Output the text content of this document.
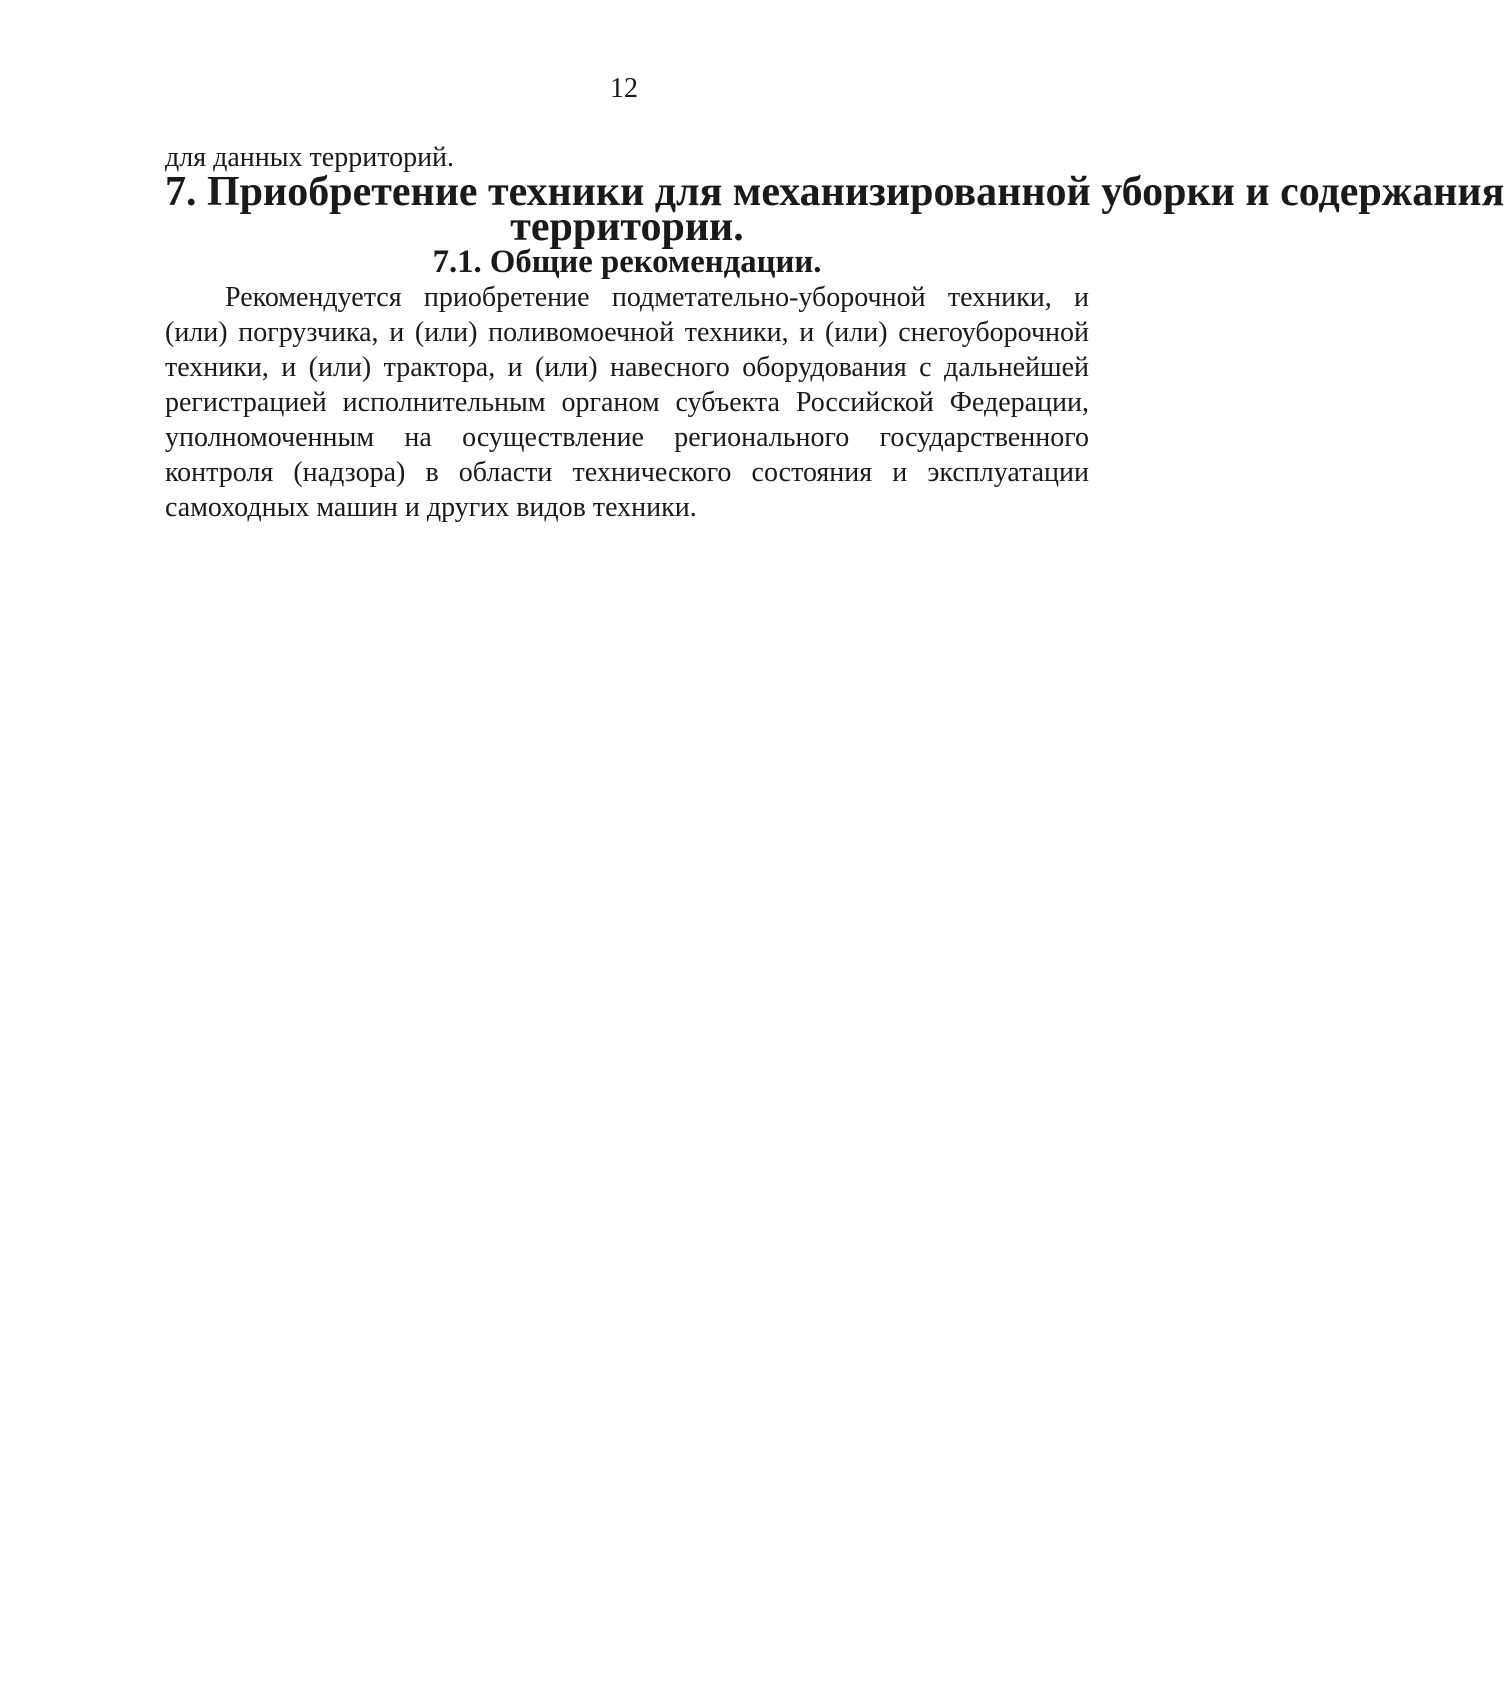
12

для данных территорий.

7. Приобретение техники для механизированной уборки и содержания
территории.
7.1. Общие рекомендации.

Рекомендуется приобретение подметательно-уборочной техники, и
(или) погрузчика, и (или) поливомоечной техники, и (или) снегоуборочной
техники, и (или) трактора, и (или) навесного оборудования с дальнейшей
регистрацией исполнительным органом субъекта Российской Федерации,
уполномоченным на осуществление регионального государственного
контроля (надзора) в области технического состояния и эксплуатации
самоходных машин и других видов техники.
